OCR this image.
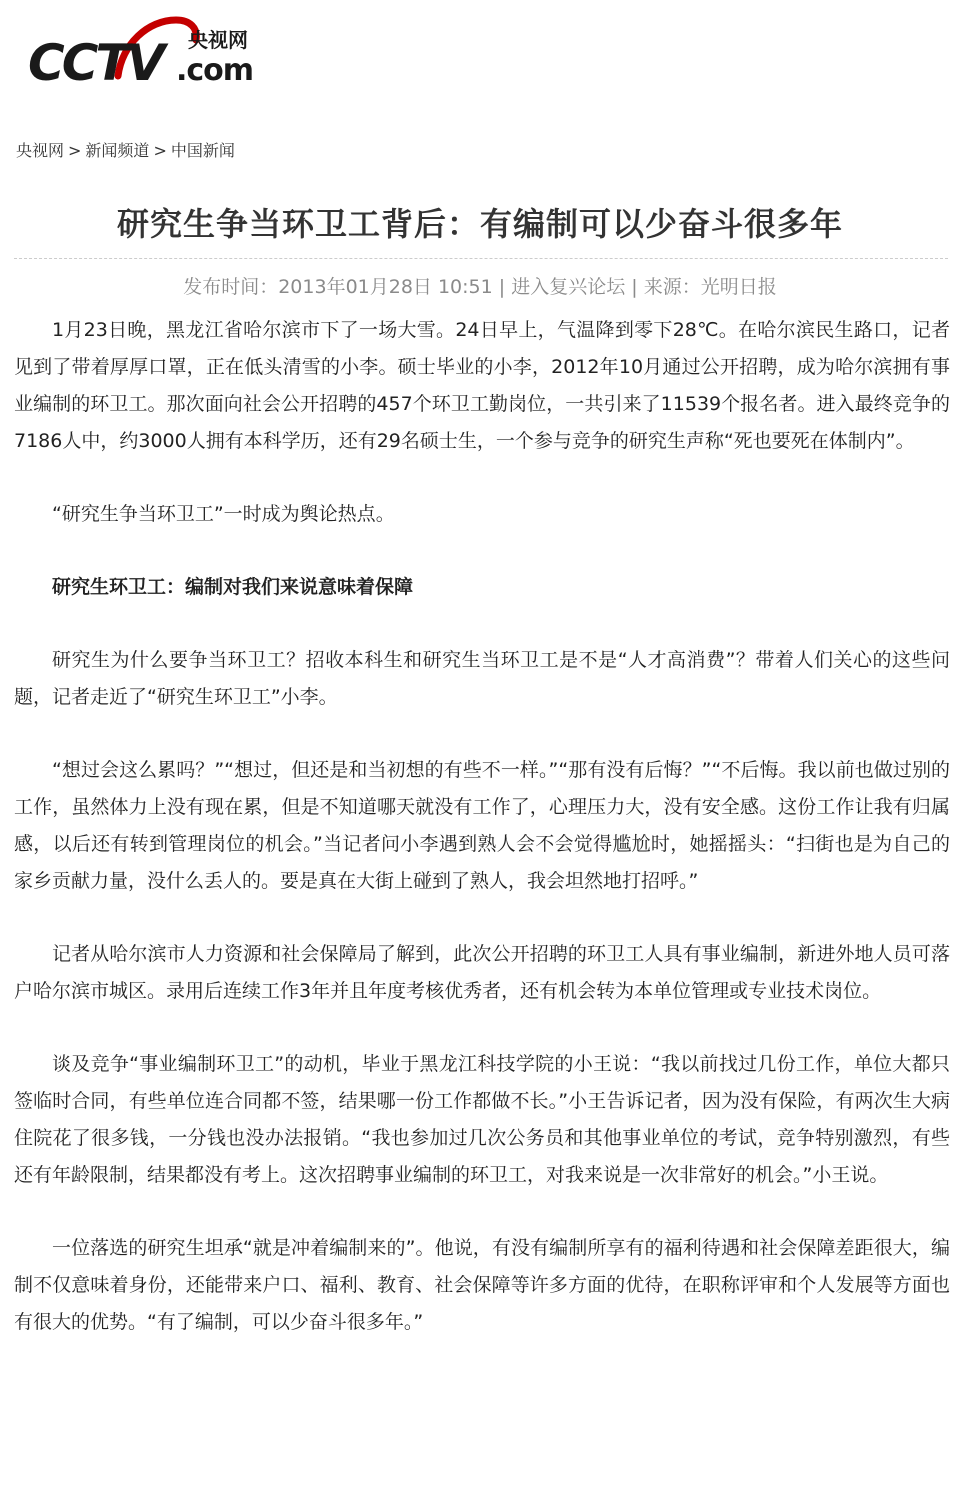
CCTV	央视网
.com
央视网 > 新闻频道 > 中国新闻
研究生争当环卫工背后：有编制可以少奋斗很多年
发布时间：2013年01月28日 10:51 | 进入复兴论坛 | 来源：光明日报

1月23日晚，黑龙江省哈尔滨市下了一场大雪。24日早上，气温降到零下28℃。在哈尔滨民生路口，记者见到了带着厚厚口罩，正在低头清雪的小李。硕士毕业的小李，2012年10月通过公开招聘，成为哈尔滨拥有事业编制的环卫工。那次面向社会公开招聘的457个环卫工勤岗位，一共引来了11539个报名者。进入最终竞争的7186人中，约3000人拥有本科学历，还有29名硕士生，一个参与竞争的研究生声称“死也要死在体制内”。

“研究生争当环卫工”一时成为舆论热点。

研究生环卫工：编制对我们来说意味着保障

研究生为什么要争当环卫工？招收本科生和研究生当环卫工是不是“人才高消费”？带着人们关心的这些问题，记者走近了“研究生环卫工”小李。

“想过会这么累吗？”“想过，但还是和当初想的有些不一样。”“那有没有后悔？”“不后悔。我以前也做过别的工作，虽然体力上没有现在累，但是不知道哪天就没有工作了，心理压力大，没有安全感。这份工作让我有归属感，以后还有转到管理岗位的机会。”当记者问小李遇到熟人会不会觉得尴尬时，她摇摇头：“扫街也是为自己的家乡贡献力量，没什么丢人的。要是真在大街上碰到了熟人，我会坦然地打招呼。”

记者从哈尔滨市人力资源和社会保障局了解到，此次公开招聘的环卫工人具有事业编制，新进外地人员可落户哈尔滨市城区。录用后连续工作3年并且年度考核优秀者，还有机会转为本单位管理或专业技术岗位。

谈及竞争“事业编制环卫工”的动机，毕业于黑龙江科技学院的小王说：“我以前找过几份工作，单位大都只签临时合同，有些单位连合同都不签，结果哪一份工作都做不长。”小王告诉记者，因为没有保险，有两次生大病住院花了很多钱，一分钱也没办法报销。“我也参加过几次公务员和其他事业单位的考试，竞争特别激烈，有些还有年龄限制，结果都没有考上。这次招聘事业编制的环卫工，对我来说是一次非常好的机会。”小王说。

一位落选的研究生坦承“就是冲着编制来的”。他说，有没有编制所享有的福利待遇和社会保障差距很大，编制不仅意味着身份，还能带来户口、福利、教育、社会保障等许多方面的优待，在职称评审和个人发展等方面也有很大的优势。“有了编制，可以少奋斗很多年。”
